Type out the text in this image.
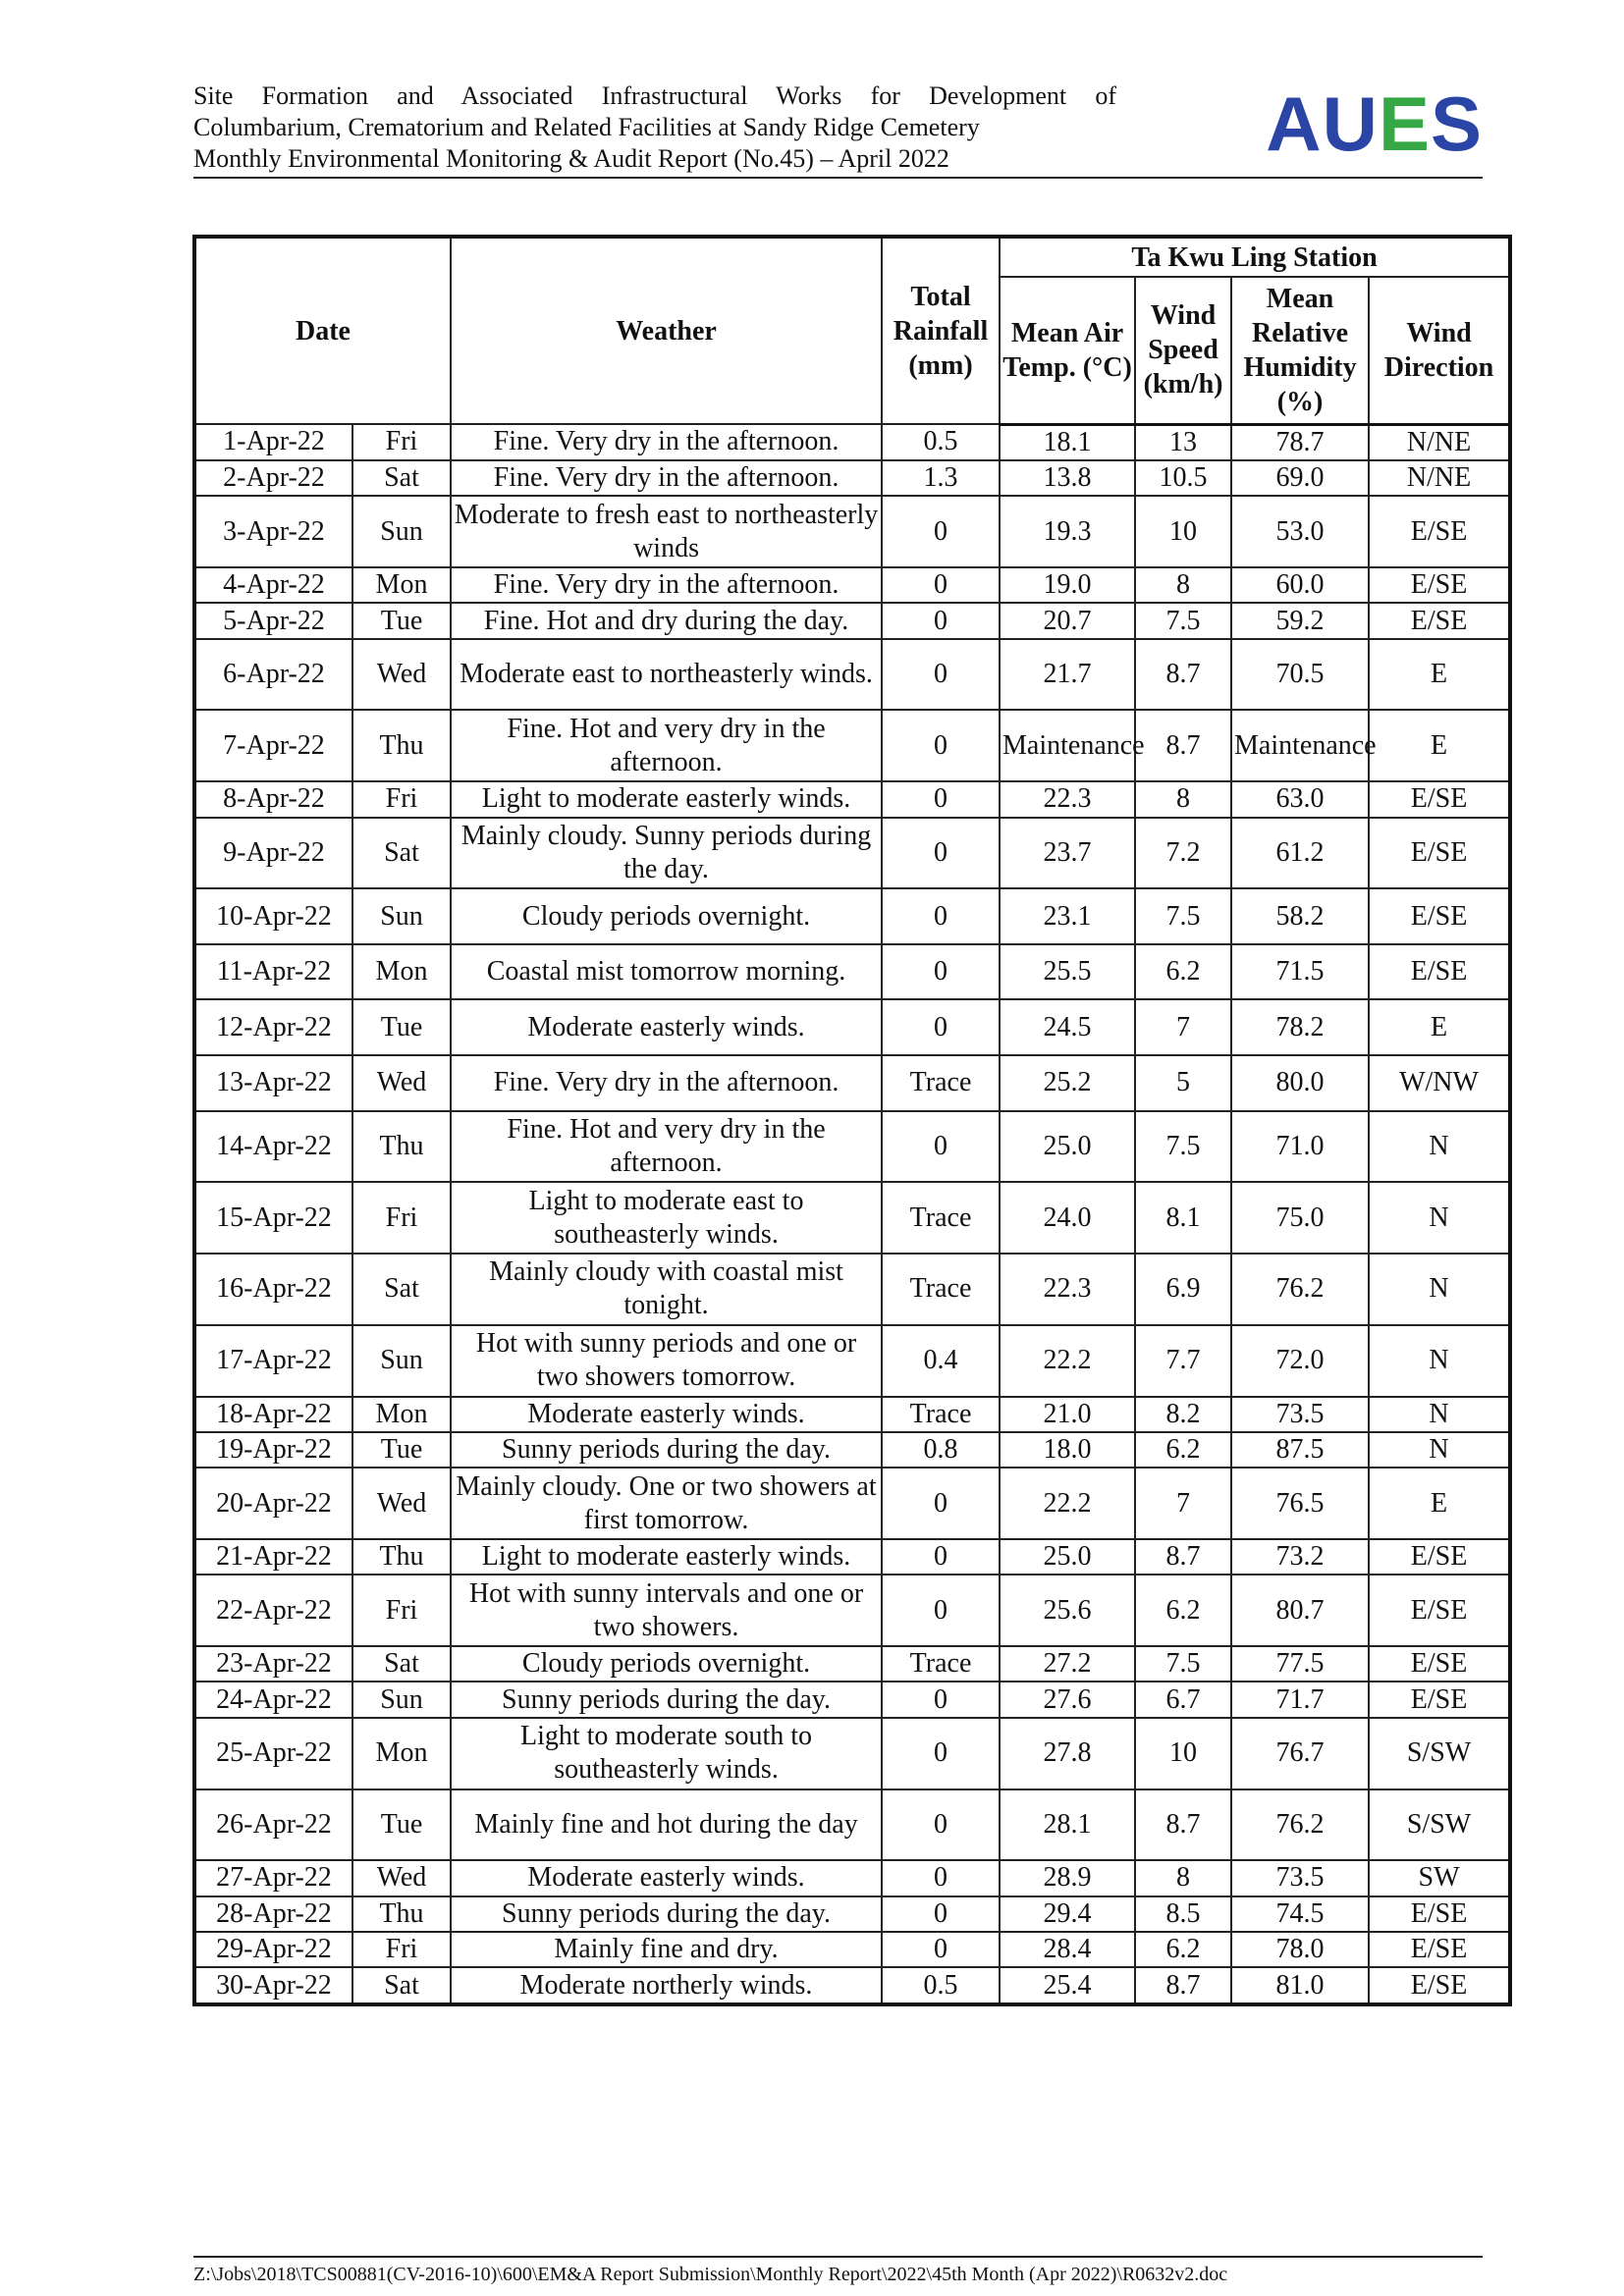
Site Formation and Associated Infrastructural Works for Development of
Columbarium, Crematorium and Related Facilities at Sandy Ridge Cemetery
Monthly Environmental Monitoring & Audit Report (No.45) – April 2022	AUES
Date		Weather	Total Rainfall (mm)	Ta Kwu Ling Station			
				Mean Air Temp. (°C)	Wind Speed (km/h)	Mean Relative Humidity (%)	Wind Direction
1-Apr-22	Fri	Fine. Very dry in the afternoon.	0.5	18.1	13	78.7	N/NE
2-Apr-22	Sat	Fine. Very dry in the afternoon.	1.3	13.8	10.5	69.0	N/NE
3-Apr-22	Sun	Moderate to fresh east to northeasterly winds	0	19.3	10	53.0	E/SE
4-Apr-22	Mon	Fine. Very dry in the afternoon.	0	19.0	8	60.0	E/SE
5-Apr-22	Tue	Fine. Hot and dry during the day.	0	20.7	7.5	59.2	E/SE
6-Apr-22	Wed	Moderate east to northeasterly winds.	0	21.7	8.7	70.5	E
7-Apr-22	Thu	Fine. Hot and very dry in the afternoon.	0	Maintenance	8.7	Maintenance	E
8-Apr-22	Fri	Light to moderate easterly winds.	0	22.3	8	63.0	E/SE
9-Apr-22	Sat	Mainly cloudy. Sunny periods during the day.	0	23.7	7.2	61.2	E/SE
10-Apr-22	Sun	Cloudy periods overnight.	0	23.1	7.5	58.2	E/SE
11-Apr-22	Mon	Coastal mist tomorrow morning.	0	25.5	6.2	71.5	E/SE
12-Apr-22	Tue	Moderate easterly winds.	0	24.5	7	78.2	E
13-Apr-22	Wed	Fine. Very dry in the afternoon.	Trace	25.2	5	80.0	W/NW
14-Apr-22	Thu	Fine. Hot and very dry in the afternoon.	0	25.0	7.5	71.0	N
15-Apr-22	Fri	Light to moderate east to southeasterly winds.	Trace	24.0	8.1	75.0	N
16-Apr-22	Sat	Mainly cloudy with coastal mist tonight.	Trace	22.3	6.9	76.2	N
17-Apr-22	Sun	Hot with sunny periods and one or two showers tomorrow.	0.4	22.2	7.7	72.0	N
18-Apr-22	Mon	Moderate easterly winds.	Trace	21.0	8.2	73.5	N
19-Apr-22	Tue	Sunny periods during the day.	0.8	18.0	6.2	87.5	N
20-Apr-22	Wed	Mainly cloudy. One or two showers at first tomorrow.	0	22.2	7	76.5	E
21-Apr-22	Thu	Light to moderate easterly winds.	0	25.0	8.7	73.2	E/SE
22-Apr-22	Fri	Hot with sunny intervals and one or two showers.	0	25.6	6.2	80.7	E/SE
23-Apr-22	Sat	Cloudy periods overnight.	Trace	27.2	7.5	77.5	E/SE
24-Apr-22	Sun	Sunny periods during the day.	0	27.6	6.7	71.7	E/SE
25-Apr-22	Mon	Light to moderate south to southeasterly winds.	0	27.8	10	76.7	S/SW
26-Apr-22	Tue	Mainly fine and hot during the day	0	28.1	8.7	76.2	S/SW
27-Apr-22	Wed	Moderate easterly winds.	0	28.9	8	73.5	SW
28-Apr-22	Thu	Sunny periods during the day.	0	29.4	8.5	74.5	E/SE
29-Apr-22	Fri	Mainly fine and dry.	0	28.4	6.2	78.0	E/SE
30-Apr-22	Sat	Moderate northerly winds.	0.5	25.4	8.7	81.0	E/SE
Z:\Jobs\2018\TCS00881(CV-2016-10)\600\EM&A Report Submission\Monthly Report\2022\45th Month (Apr 2022)\R0632v2.doc
